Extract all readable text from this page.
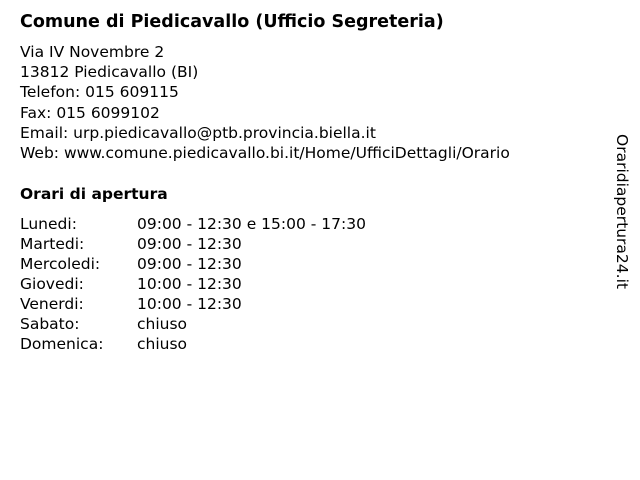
Comune di Piedicavallo (Ufficio Segreteria)
Via IV Novembre 2
13812 Piedicavallo (BI)
Telefon: 015 609115
Fax: 015 6099102
Email: urp.piedicavallo@ptb.provincia.biella.it
Web: www.comune.piedicavallo.bi.it/Home/UfficiDettagli/Orario
Orari di apertura
Lunedi:	09:00 - 12:30 e 15:00 - 17:30
Martedi:	09:00 - 12:30
Mercoledi:	09:00 - 12:30
Giovedi:	10:00 - 12:30
Venerdi:	10:00 - 12:30
Sabato:	chiuso
Domenica:	chiuso
Oraridiapertura24.it
